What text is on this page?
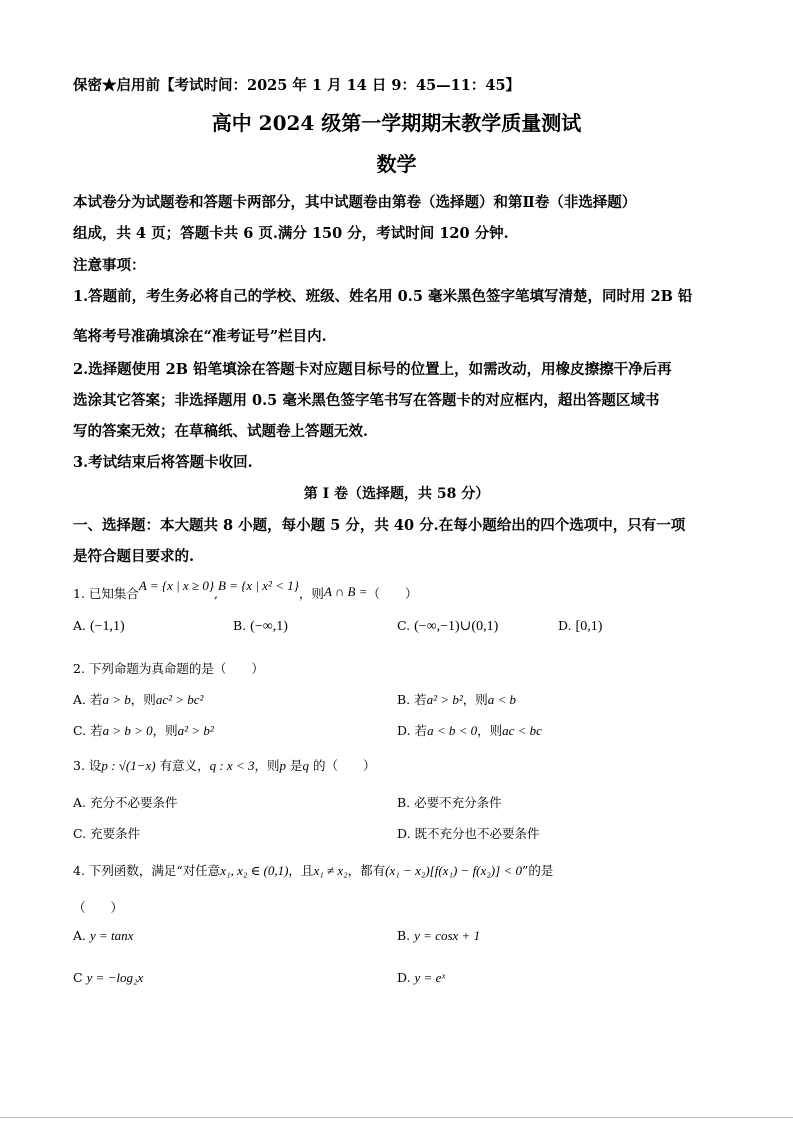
保密★启用前【考试时间：2025 年 1 月 14 日 9：45—11：45】
高中 2024 级第一学期期末教学质量测试
数学
本试卷分为试题卷和答题卡两部分，其中试题卷由第卷（选择题）和第Ⅱ卷（非选择题）
组成，共 4 页；答题卡共 6 页.满分 150 分，考试时间 120 分钟.
注意事项：
1.答题前，考生务必将自己的学校、班级、姓名用 0.5 毫米黑色签字笔填写清楚，同时用 2B 铅
笔将考号准确填涂在“准考证号”栏目内.
2.选择题使用 2B 铅笔填涂在答题卡对应题目标号的位置上，如需改动，用橡皮擦擦干净后再
选涂其它答案；非选择题用 0.5 毫米黑色签字笔书写在答题卡的对应框内，超出答题区域书
写的答案无效；在草稿纸、试题卷上答题无效.
3.考试结束后将答题卡收回.
第 I 卷（选择题，共 58 分）
一、选择题：本大题共 8 小题，每小题 5 分，共 40 分.在每小题给出的四个选项中，只有一项
是符合题目要求的.
1. 已知集合A = {x | x ≥ 0},B = {x | x² < 1}，则A ∩ B =（　　）
A. (−1,1)	B. (−∞,1)	C. (−∞,−1)∪(0,1)	D. [0,1)
2. 下列命题为真命题的是（　　）
A. 若a > b，则ac² > bc²	B. 若a² > b²，则a < b
C. 若a > b > 0，则a² > b²	D. 若a < b < 0，则ac < bc
3. 设p : √(1−x) 有意义，q : x < 3，则p 是q 的（　　）
A. 充分不必要条件	B. 必要不充分条件
C. 充要条件	D. 既不充分也不必要条件
4. 下列函数，满足“对任意x₁, x₂ ∈ (0,1)，且x₁ ≠ x₂，都有(x₁ − x₂)[f(x₁) − f(x₂)] < 0”的是
（　　）
A. y = tanx	B. y = cosx + 1
C y = −log₂x	D. y = eˣ
